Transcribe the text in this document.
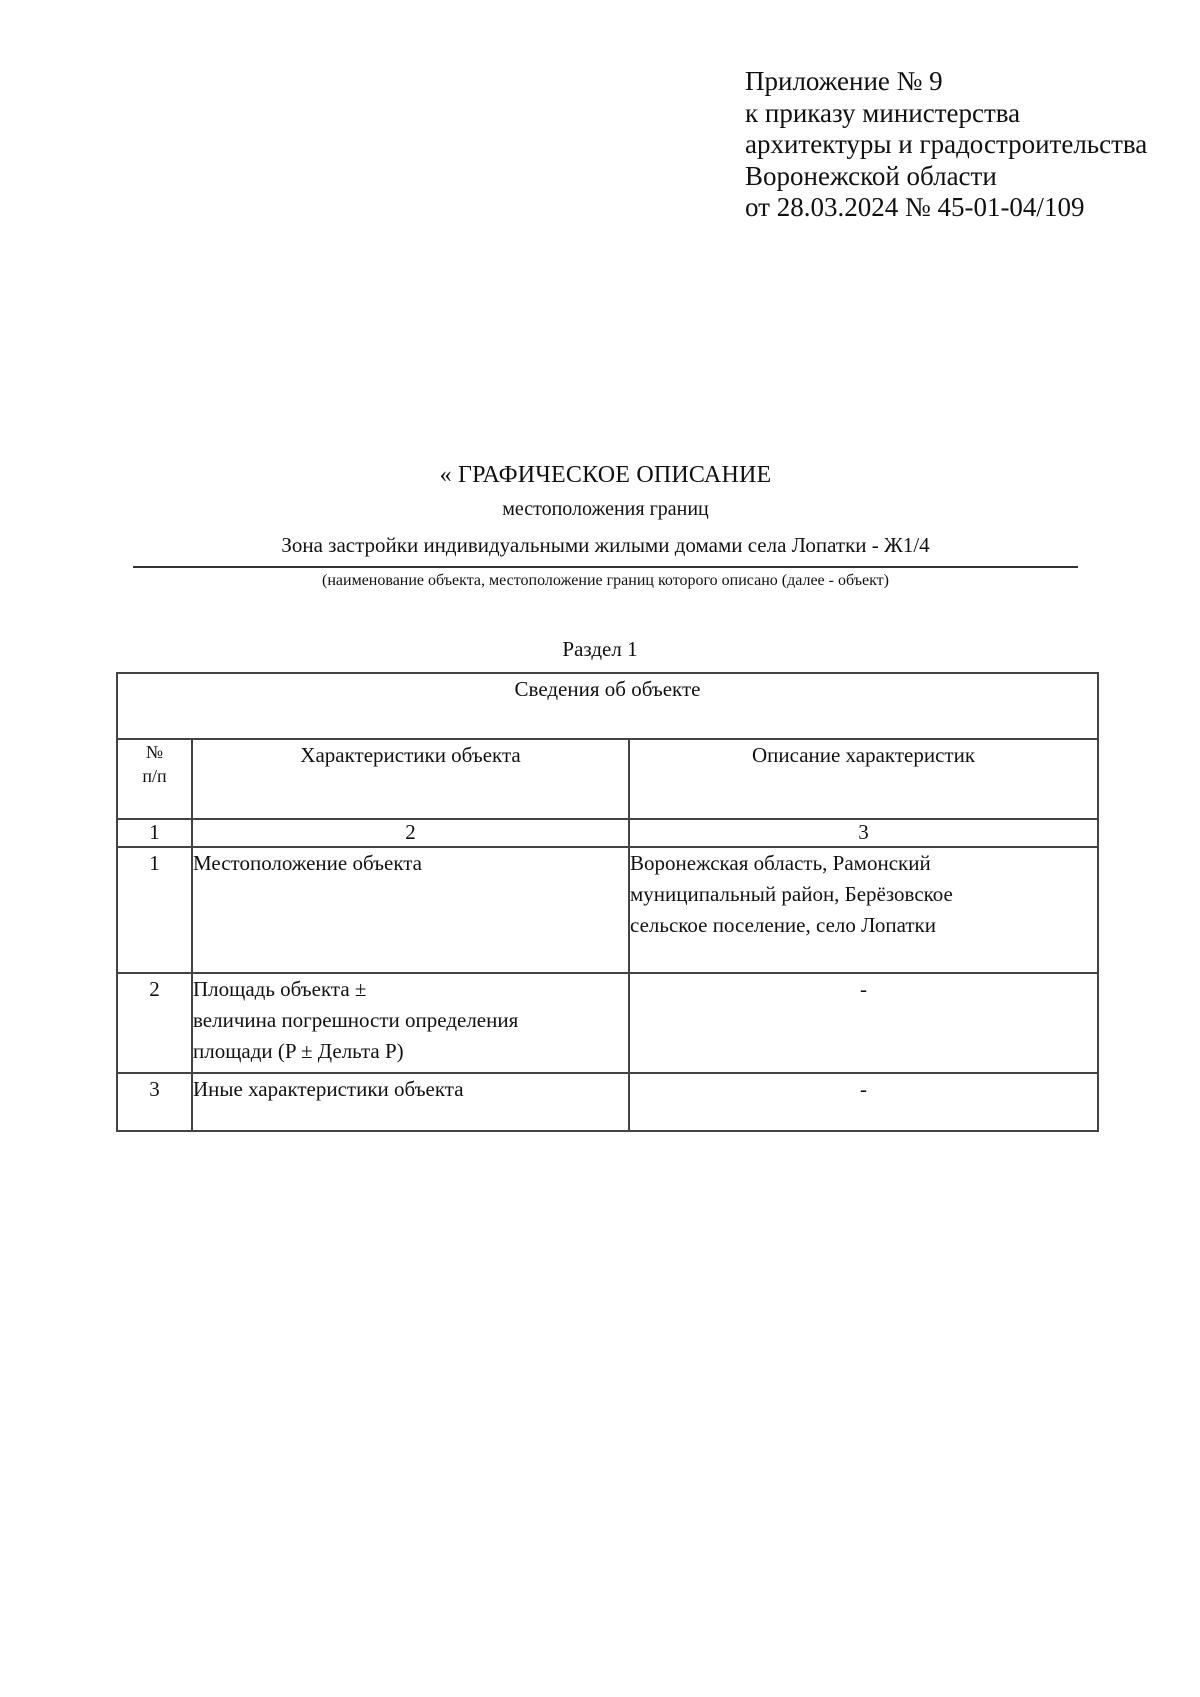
Приложение № 9
к приказу министерства
архитектуры и градостроительства
Воронежской области
от 28.03.2024 № 45-01-04/109
« ГРАФИЧЕСКОЕ ОПИСАНИЕ
местоположения границ
Зона застройки индивидуальными жилыми домами села Лопатки - Ж1/4
(наименование объекта, местоположение границ которого описано (далее - объект)
Раздел 1
Сведения об объекте		

№
п/п	Характеристики объекта	Описание характеристик
1	2	3
1	Местоположение объекта	Воронежская область, Рамонский
муниципальный район, Берёзовское
сельское поселение, село Лопатки

2	Площадь объекта ±
величина погрешности определения
площади (P ± Дельта P)	-
3	Иные характеристики объекта	-
